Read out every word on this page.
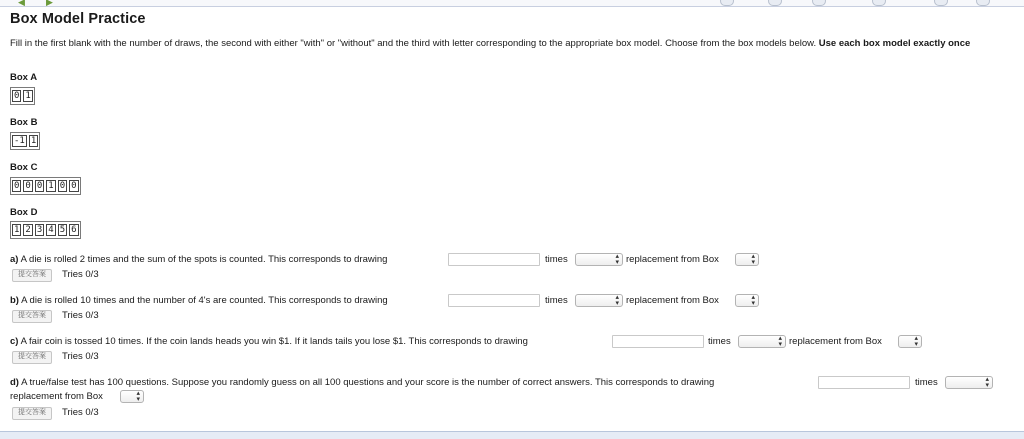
◀ ▶
Box Model Practice
Fill in the first blank with the number of draws, the second with either "with" or "without" and the third with letter corresponding to the appropriate box model. Choose from the box models below. Use each box model exactly once
Box A
0 1
Box B
-1 1
Box C
0 0 0 1 0 0
Box D
1 2 3 4 5 6
a) A die is rolled 2 times and the sum of the spots is counted. This corresponds to drawing	times	▴
▾ replacement from Box	▴
▾
提交答案	Tries 0/3
b) A die is rolled 10 times and the number of 4's are counted. This corresponds to drawing	times	▴
▾ replacement from Box	▴
▾
提交答案	Tries 0/3
c) A fair coin is tossed 10 times. If the coin lands heads you win $1. If it lands tails you lose $1. This corresponds to drawing	times	▴
▾ replacement from Box	▴
▾
提交答案	Tries 0/3
d) A true/false test has 100 questions. Suppose you randomly guess on all 100 questions and your score is the number of correct answers. This corresponds to drawing	times	▴
▾
replacement from Box	▴
▾
提交答案	Tries 0/3
